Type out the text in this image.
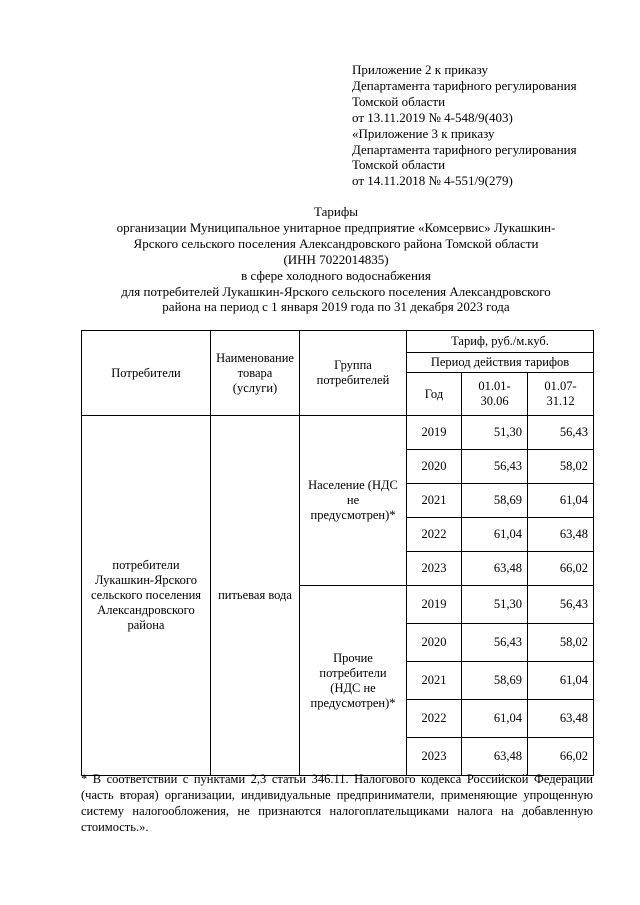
Приложение 2 к приказу
Департамента тарифного регулирования
Томской области
от 13.11.2019 № 4-548/9(403)
«Приложение 3 к приказу
Департамента тарифного регулирования
Томской области
от 14.11.2018 № 4-551/9(279)
Тарифы
организации Муниципальное унитарное предприятие «Комсервис» Лукашкин-
Ярского сельского поселения Александровского района Томской области
(ИНН 7022014835)
в сфере холодного водоснабжения
для потребителей Лукашкин-Ярского сельского поселения Александровского
района на период с 1 января 2019 года по 31 декабря 2023 года
Потребители	Наименование товара (услуги)	Группа потребителей	Тариф, руб./м.куб.		
			Период действия тарифов		
			Год	01.01-30.06	01.07-31.12
потребители Лукашкин-Ярского сельского поселения Александровского района	питьевая вода	Население (НДС не предусмотрен)*	2019	51,30	56,43
			2020	56,43	58,02
			2021	58,69	61,04
			2022	61,04	63,48
			2023	63,48	66,02
		Прочие потребители (НДС не предусмотрен)*	2019	51,30	56,43
			2020	56,43	58,02
			2021	58,69	61,04
			2022	61,04	63,48
			2023	63,48	66,02
* В соответствии с пунктами 2,3 статьи 346.11. Налогового кодекса Российской Федерации (часть вторая) организации, индивидуальные предприниматели, применяющие упрощенную систему налогообложения, не признаются налогоплательщиками налога на добавленную стоимость.».
